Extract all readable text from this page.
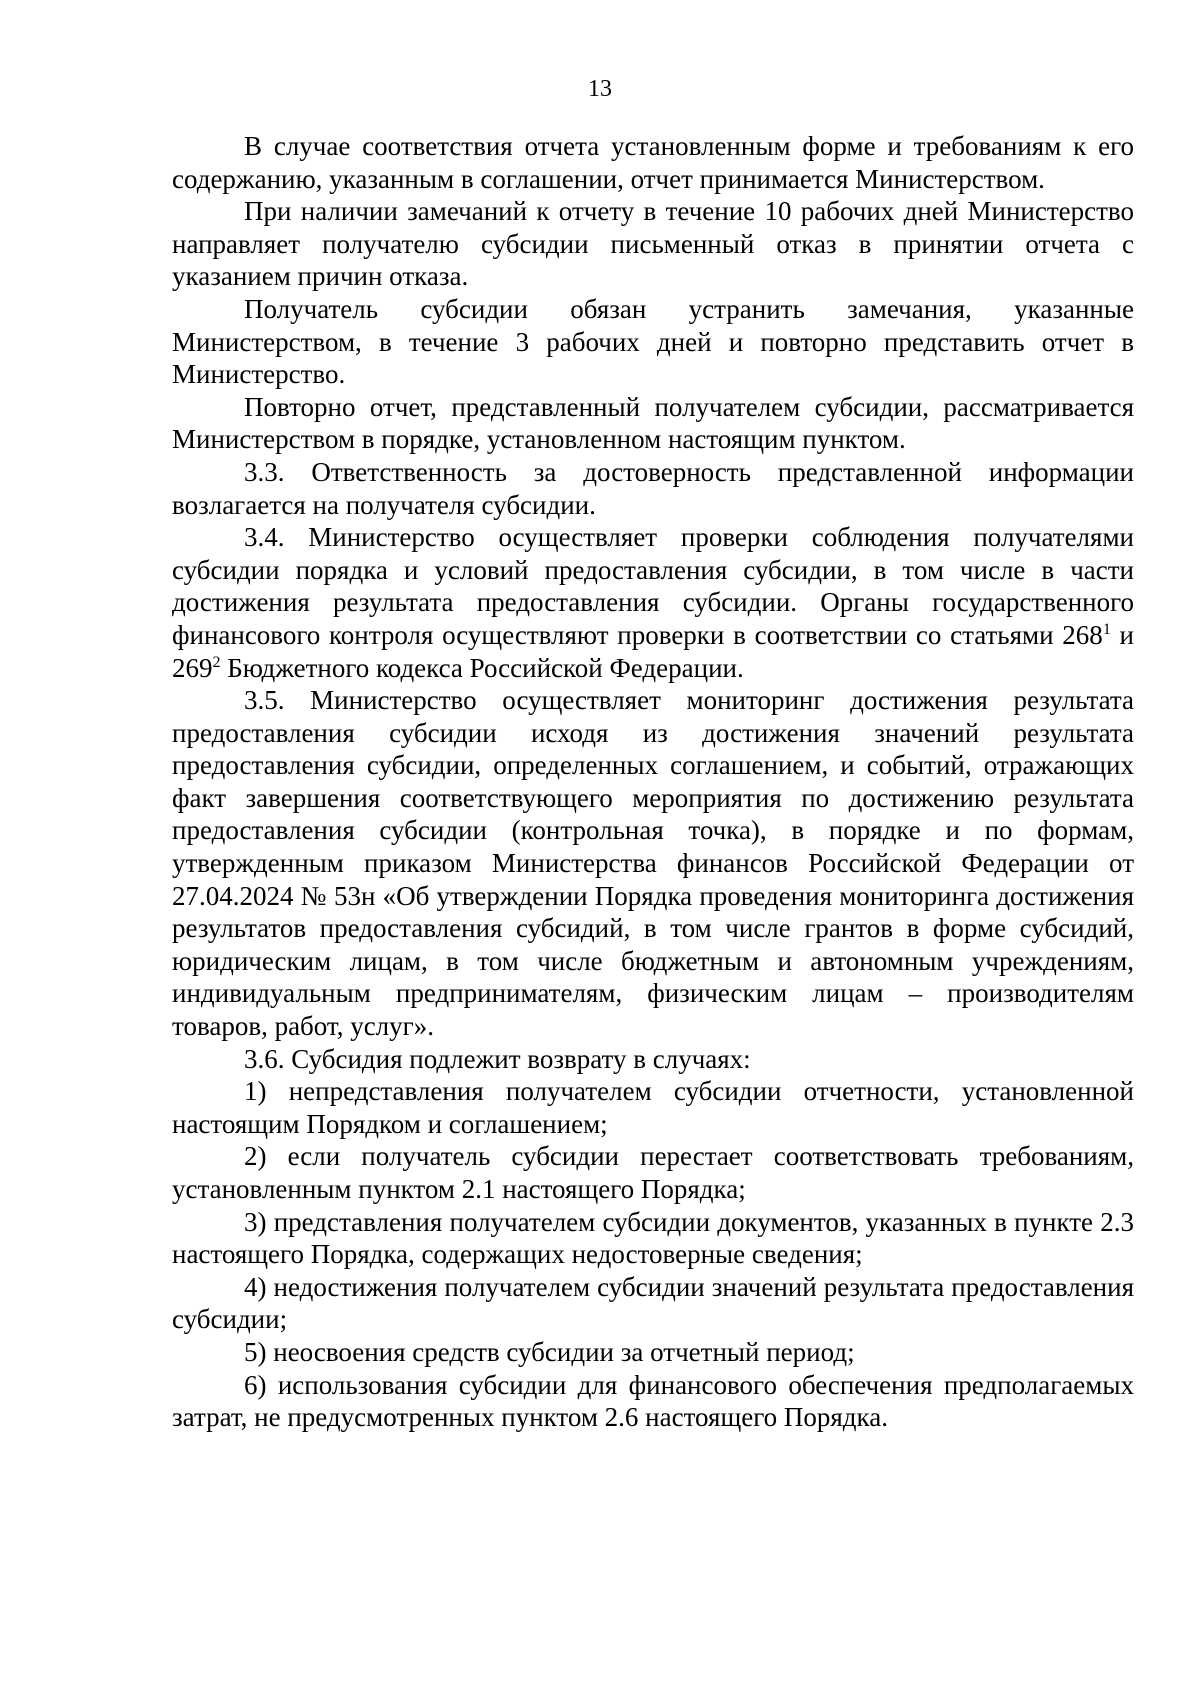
13

В случае соответствия отчета установленным форме и требованиям к его содержанию, указанным в соглашении, отчет принимается Министерством.

При наличии замечаний к отчету в течение 10 рабочих дней Министерство направляет получателю субсидии письменный отказ в принятии отчета с указанием причин отказа.

Получатель субсидии обязан устранить замечания, указанные Министерством, в течение 3 рабочих дней и повторно представить отчет в Министерство.

Повторно отчет, представленный получателем субсидии, рассматривается Министерством в порядке, установленном настоящим пунктом.

3.3. Ответственность за достоверность представленной информации возлагается на получателя субсидии.

3.4. Министерство осуществляет проверки соблюдения получателями субсидии порядка и условий предоставления субсидии, в том числе в части достижения результата предоставления субсидии. Органы государственного финансового контроля осуществляют проверки в соответствии со статьями $268^1$ и $269^2$ Бюджетного кодекса Российской Федерации.

3.5. Министерство осуществляет мониторинг достижения результата предоставления субсидии исходя из достижения значений результата предоставления субсидии, определенных соглашением, и событий, отражающих факт завершения соответствующего мероприятия по достижению результата предоставления субсидии (контрольная точка), в порядке и по формам, утвержденным приказом Министерства финансов Российской Федерации от 27.04.2024 № 53н «Об утверждении Порядка проведения мониторинга достижения результатов предоставления субсидий, в том числе грантов в форме субсидий, юридическим лицам, в том числе бюджетным и автономным учреждениям, индивидуальным предпринимателям, физическим лицам – производителям товаров, работ, услуг».

3.6. Субсидия подлежит возврату в случаях:

1) непредставления получателем субсидии отчетности, установленной настоящим Порядком и соглашением;

2) если получатель субсидии перестает соответствовать требованиям, установленным пунктом 2.1 настоящего Порядка;

3) представления получателем субсидии документов, указанных в пункте 2.3 настоящего Порядка, содержащих недостоверные сведения;

4) недостижения получателем субсидии значений результата предоставления субсидии;

5) неосвоения средств субсидии за отчетный период;

6) использования субсидии для финансового обеспечения предполагаемых затрат, не предусмотренных пунктом 2.6 настоящего Порядка.
